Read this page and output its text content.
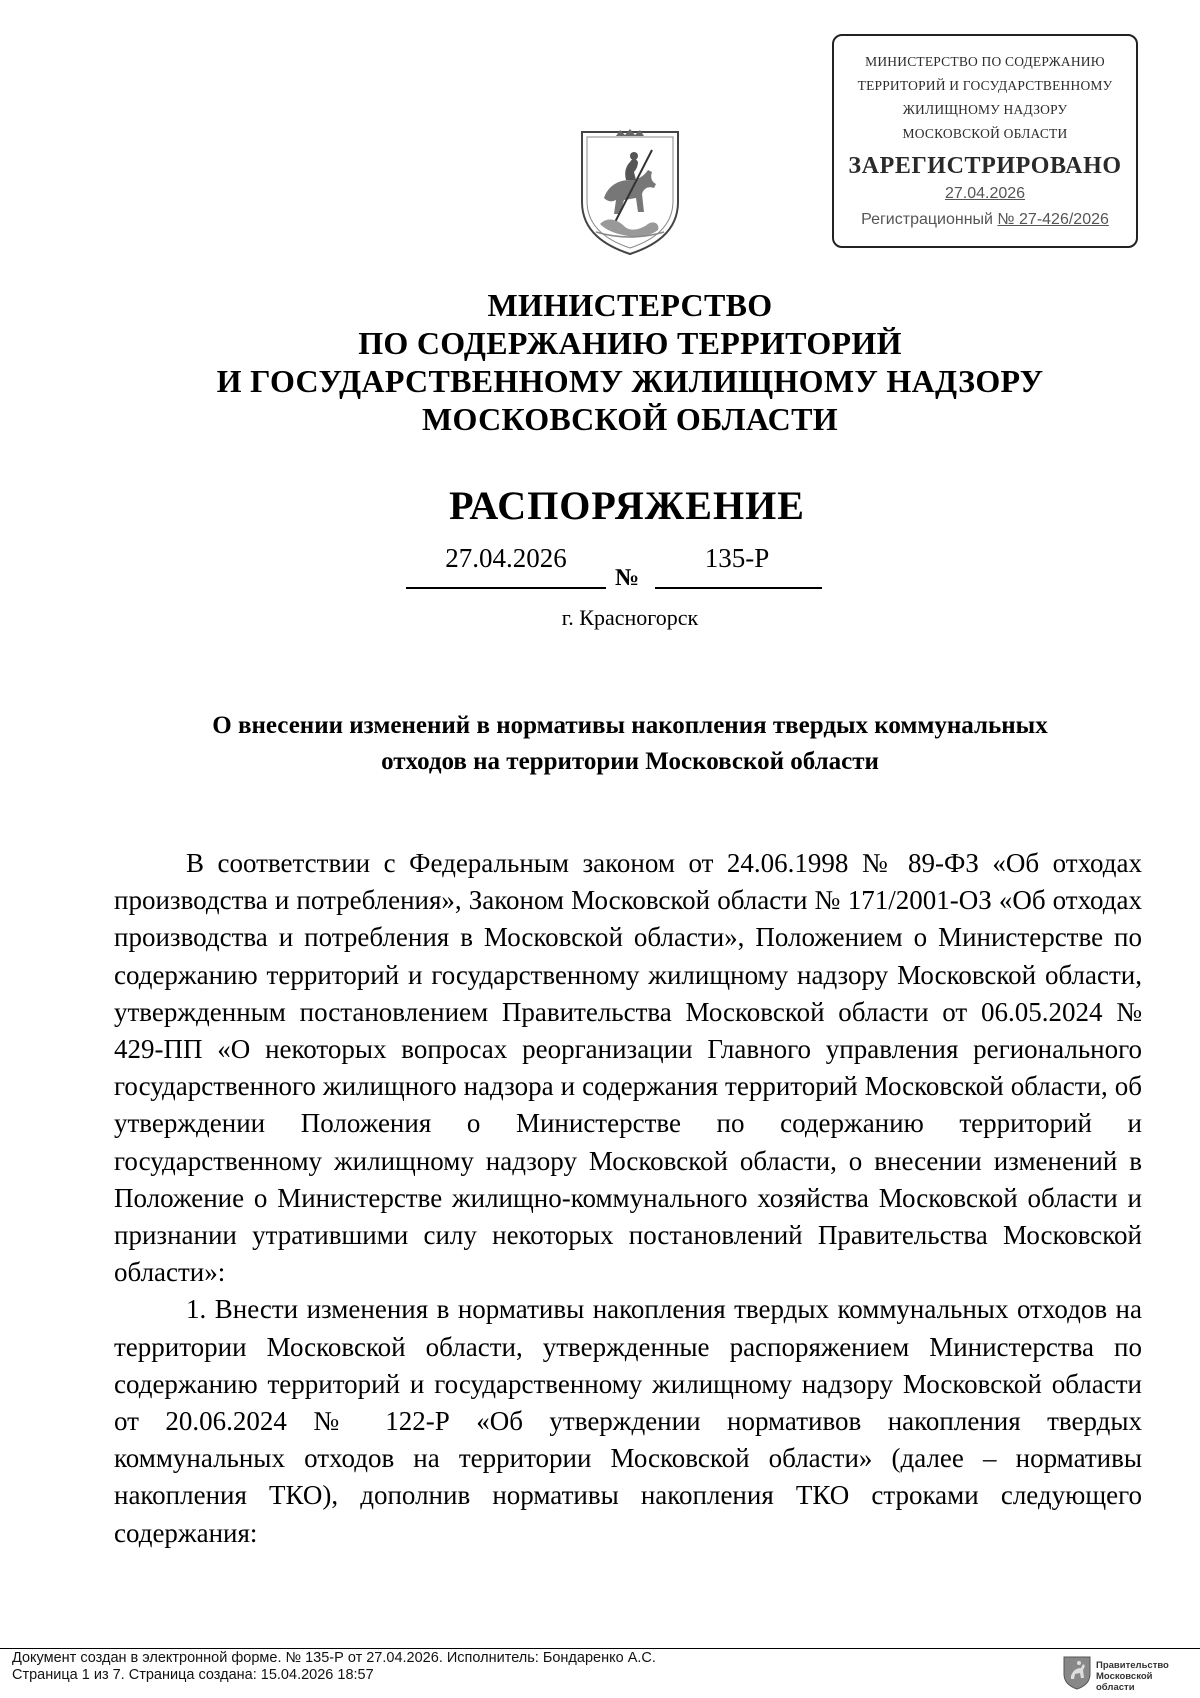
МИНИСТЕРСТВО ПО СОДЕРЖАНИЮ
ТЕРРИТОРИЙ И ГОСУДАРСТВЕННОМУ
ЖИЛИЩНОМУ НАДЗОРУ
МОСКОВСКОЙ ОБЛАСТИ
ЗАРЕГИСТРИРОВАНО
27.04.2026
Регистрационный № 27-426/2026
МИНИСТЕРСТВО
ПО СОДЕРЖАНИЮ ТЕРРИТОРИЙ
И ГОСУДАРСТВЕННОМУ ЖИЛИЩНОМУ НАДЗОРУ
МОСКОВСКОЙ ОБЛАСТИ
РАСПОРЯЖЕНИЕ
27.04.2026
№
135-Р
г. Красногорск
О внесении изменений в нормативы накопления твердых коммунальных
отходов на территории Московской области

В соответствии с Федеральным законом от 24.06.1998 № 89-ФЗ «Об отходах производства и потребления», Законом Московской области № 171/2001-ОЗ «Об отходах производства и потребления в Московской области», Положением о Министерстве по содержанию территорий и государственному жилищному надзору Московской области, утвержденным постановлением Правительства Московской области от 06.05.2024 № 429-ПП «О некоторых вопросах реорганизации Главного управления регионального государственного жилищного надзора и содержания территорий Московской области, об утверждении Положения о Министерстве по содержанию территорий и государственному жилищному надзору Московской области, о внесении изменений в Положение о Министерстве жилищно-коммунального хозяйства Московской области и признании утратившими силу некоторых постановлений Правительства Московской области»:

1. Внести изменения в нормативы накопления твердых коммунальных отходов на территории Московской области, утвержденные распоряжением Министерства по содержанию территорий и государственному жилищному надзору Московской области от 20.06.2024 № 122-Р «Об утверждении нормативов накопления твердых коммунальных отходов на территории Московской области» (далее – нормативы накопления ТКО), дополнив нормативы накопления ТКО строками следующего содержания:

Документ создан в электронной форме. № 135-Р от 27.04.2026. Исполнитель: Бондаренко А.С.
Страница 1 из 7. Страница создана: 15.04.2026 18:57
Правительство
Московской области
